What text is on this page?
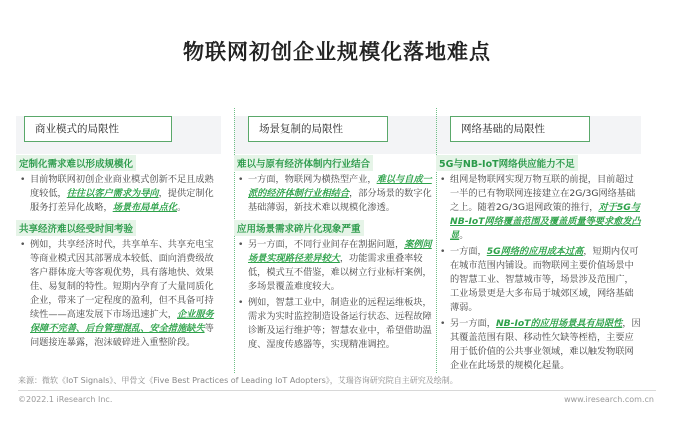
物联网初创企业规模化落地难点
商业模式的局限性
定制化需求难以形成规模化
• 目前物联网初创企业商业模式创新不足且成熟度较低，往往以客户需求为导向，提供定制化服务打差异化战略，场景布局单点化。
共享经济难以经受时间考验
• 例如，共享经济时代，共享单车、共享充电宝等商业模式因其部署成本较低、面向消费级故客户群体庞大等客观优势，具有落地快、效果佳、易复制的特性。短期内孕育了大量同质化企业，带来了一定程度的盈利，但不具备可持续性——高速发展下市场迅速扩大，企业服务保障不完善、后台管理混乱、安全措施缺失等问题接连暴露，泡沫破碎进入重整阶段。
场景复制的局限性
难以与原有经济体制内行业结合
• 一方面，物联网为横热型产业，难以与自成一派的经济体制行业相结合，部分场景的数字化基础薄弱，新技术难以规模化渗透。
应用场景需求碎片化现象严重
• 另一方面，不同行业间存在割据问题，案例间场景实现路径差异较大，功能需求重叠率较低，模式互不借鉴，难以树立行业标杆案例，多场景覆盖难度较大。
• 例如，智慧工业中，制造业的远程运维板块，需求为实时监控制造设备运行状态、远程故障诊断及运行维护等；智慧农业中，希望借助温度、湿度传感器等，实现精准调控。
网络基础的局限性
5G与NB-IoT网络供应能力不足
• 组网是物联网实现万物互联的前提，目前超过一半的已有物联网连接建立在2G/3G网络基础之上。随着2G/3G退网政策的推行，对于5G与NB-IoT网络覆盖范围及覆盖质量等要求愈发凸显。
• 一方面，5G网络的应用成本过高，短期内仅可在城市范围内铺设。而物联网主要价值场景中的智慧工业、智慧城市等，场景涉及范围广，工业场景更是大多布局于城郊区域，网络基础薄弱。
• 另一方面，NB-IoT的应用场景具有局限性，因其覆盖范围有限、移动性欠缺等桎梏，主要应用于低价值的公共事业领域，难以触发物联网企业在此场景的规模化起量。
来源：微软《IoT Signals》、甲骨文《Five Best Practices of Leading IoT Adopters》，艾瑞咨询研究院自主研究及绘制。
©2022.1 iResearch Inc.	www.iresearch.com.cn
